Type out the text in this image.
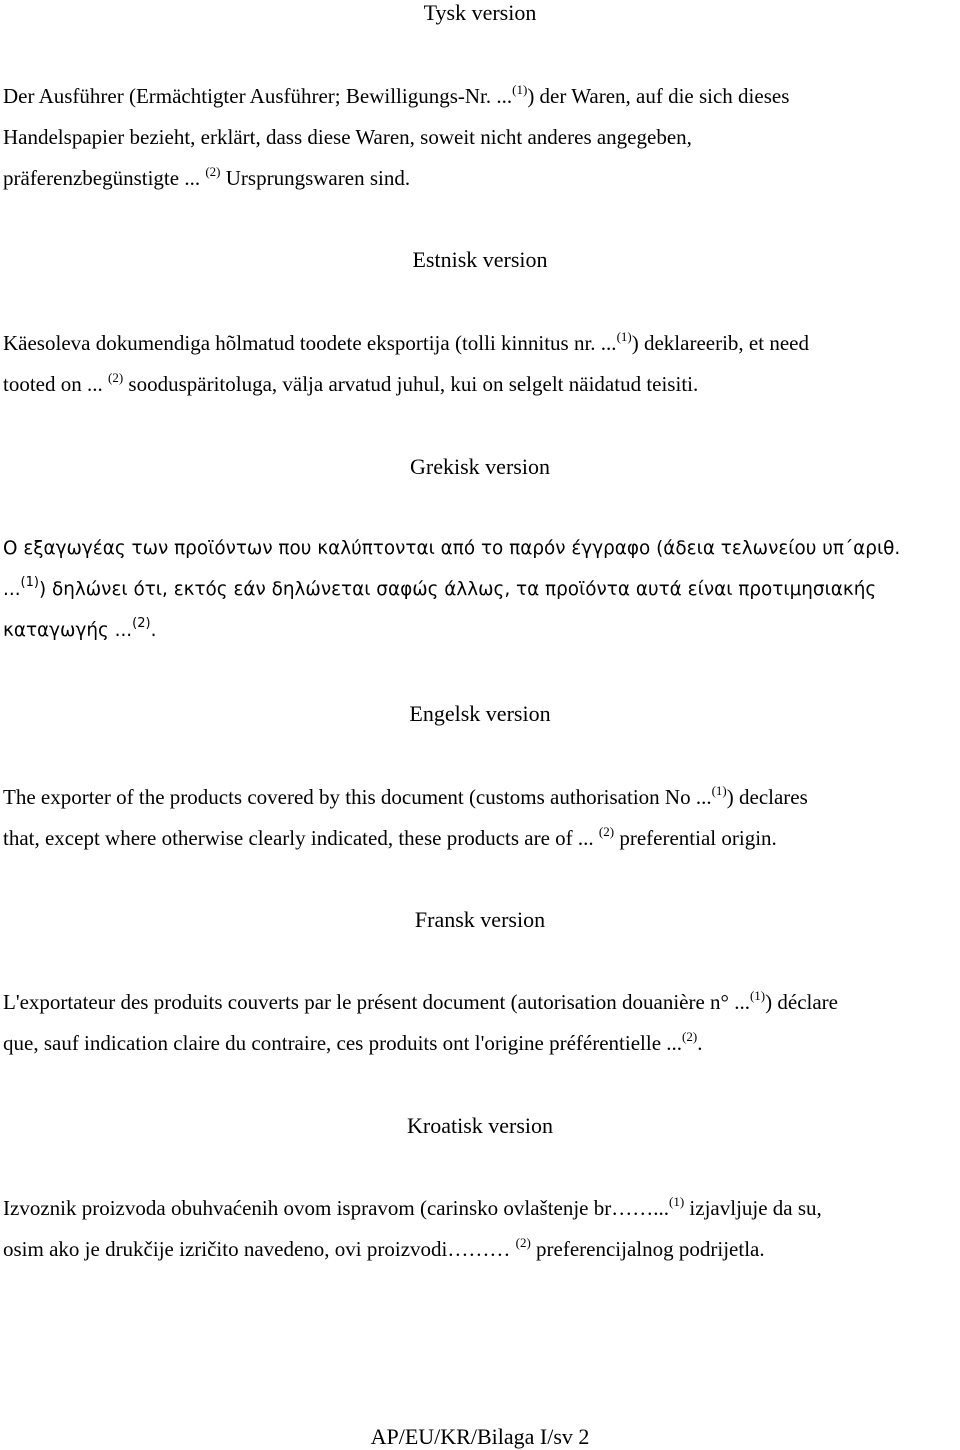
Tysk version
Der Ausführer (Ermächtigter Ausführer; Bewilligungs-Nr. ...$^{(1)}$) der Waren, auf die sich dieses
Handelspapier bezieht, erklärt, dass diese Waren, soweit nicht anderes angegeben,
präferenzbegünstigte ... $^{(2)}$ Ursprungswaren sind.
Estnisk version
Käesoleva dokumendiga hõlmatud toodete eksportija (tolli kinnitus nr. ...$^{(1)}$) deklareerib, et need
tooted on ... $^{(2)}$ sooduspäritoluga, välja arvatud juhul, kui on selgelt näidatud teisiti.
Grekisk version
Ο εξαγωγέας των προϊόντων που καλύπτονται από το παρόν έγγραφο (άδεια τελωνείου υπ΄αριθ.
...$^{(1)}$) δηλώνει ότι, εκτός εάν δηλώνεται σαφώς άλλως, τα προϊόντα αυτά είναι προτιμησιακής
καταγωγής ...$^{(2)}$.
Engelsk version
The exporter of the products covered by this document (customs authorisation No ...$^{(1)}$) declares
that, except where otherwise clearly indicated, these products are of ... $^{(2)}$ preferential origin.
Fransk version
L'exportateur des produits couverts par le présent document (autorisation douanière n° ...$^{(1)}$) déclare
que, sauf indication claire du contraire, ces produits ont l'origine préférentielle ...$^{(2)}$.
Kroatisk version
Izvoznik proizvoda obuhvaćenih ovom ispravom (carinsko ovlaštenje br……...$^{(1)}$ izjavljuje da su,
osim ako je drukčije izričito navedeno, ovi proizvodi……… $^{(2)}$ preferencijalnog podrijetla.
AP/EU/KR/Bilaga I/sv 2
